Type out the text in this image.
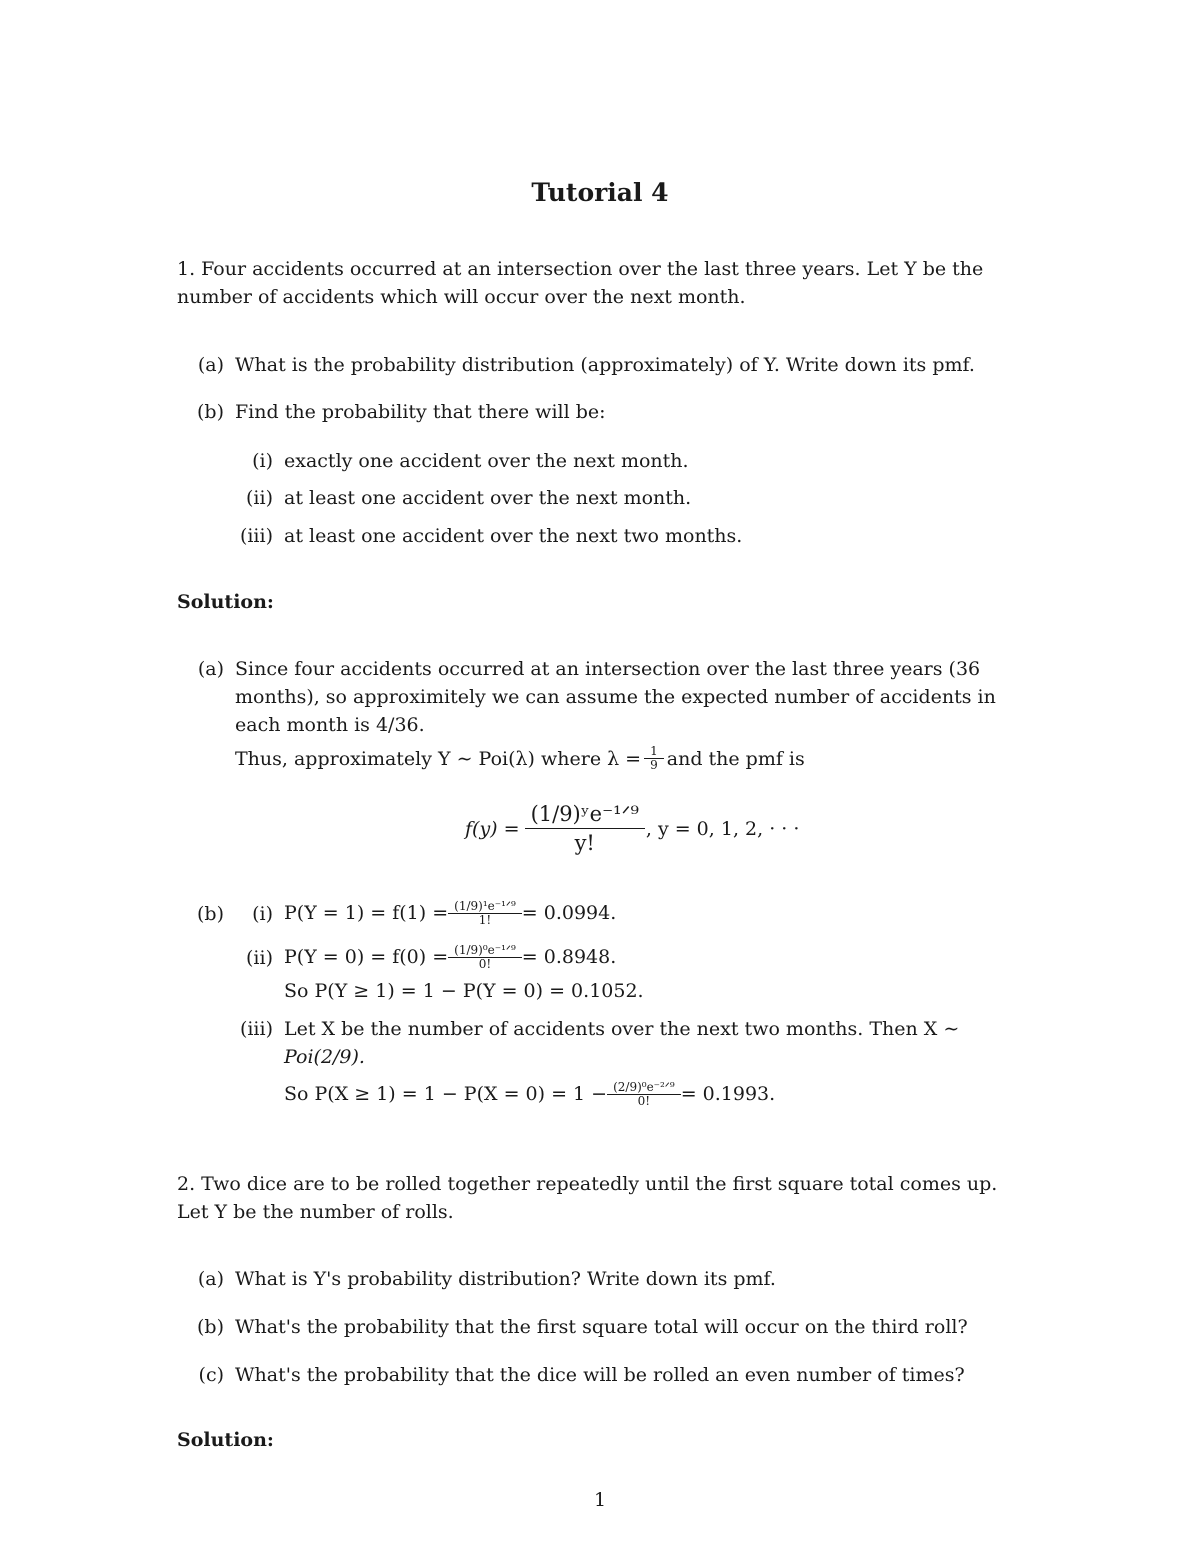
Tutorial 4
1. Four accidents occurred at an intersection over the last three years. Let Y be the
number of accidents which will occur over the next month.
(a) What is the probability distribution (approximately) of Y. Write down its pmf.
(b) Find the probability that there will be:
(i) exactly one accident over the next month.
(ii) at least one accident over the next month.
(iii) at least one accident over the next two months.
Solution:
(a) Since four accidents occurred at an intersection over the last three years (36
months), so approximitely we can assume the expected number of accidents in
each month is 4/36.
Thus, approximately Y ∼ Poi(λ) where $\lambda = \frac{1}{9}$ and the pmf is
$f(y) = \frac{\text{(1/9)ʸe⁻¹ᐟ⁹}}{y!}$ , y = 0, 1, 2, · · ·
(b)	(i) $P(Y = 1) = f(1) = \frac{\text{(1/9)¹e⁻¹ᐟ⁹}}{1!} = 0.0994$.
(ii) $P(Y = 0) = f(0) = \frac{\text{(1/9)⁰e⁻¹ᐟ⁹}}{0!} = 0.8948$.
So P(Y ≥ 1) = 1 − P(Y = 0) = 0.1052.
(iii) Let X be the number of accidents over the next two months. Then X ∼
Poi(2/9).
So $P(X \ge 1) = 1 - P(X = 0) = 1 - \frac{\text{(2/9)⁰e⁻²ᐟ⁹}}{0!} = 0.1993$.
2. Two dice are to be rolled together repeatedly until the first square total comes up.
Let Y be the number of rolls.
(a) What is Y's probability distribution? Write down its pmf.
(b) What's the probability that the first square total will occur on the third roll?
(c) What's the probability that the dice will be rolled an even number of times?
Solution:
1
